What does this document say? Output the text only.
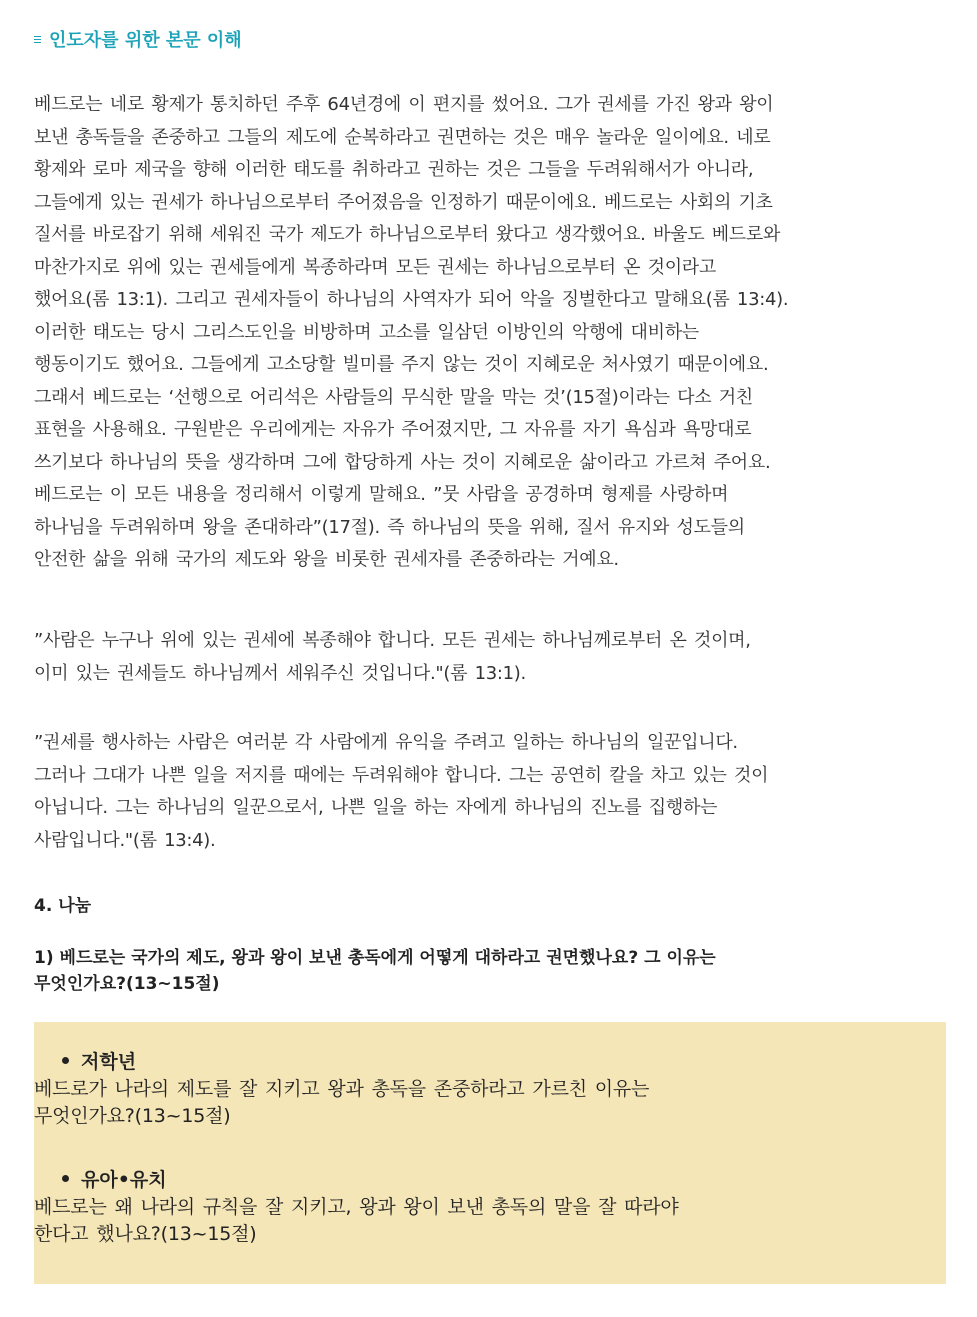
인도자를 위한 본문 이해

베드로는 네로 황제가 통치하던 주후 64년경에 이 편지를 썼어요. 그가 권세를 가진 왕과 왕이
보낸 총독들을 존중하고 그들의 제도에 순복하라고 권면하는 것은 매우 놀라운 일이에요. 네로
황제와 로마 제국을 향해 이러한 태도를 취하라고 권하는 것은 그들을 두려워해서가 아니라,
그들에게 있는 권세가 하나님으로부터 주어졌음을 인정하기 때문이에요. 베드로는 사회의 기초
질서를 바로잡기 위해 세워진 국가 제도가 하나님으로부터 왔다고 생각했어요. 바울도 베드로와
마찬가지로 위에 있는 권세들에게 복종하라며 모든 권세는 하나님으로부터 온 것이라고
했어요(롬 13:1). 그리고 권세자들이 하나님의 사역자가 되어 악을 징벌한다고 말해요(롬 13:4).
이러한 태도는 당시 그리스도인을 비방하며 고소를 일삼던 이방인의 악행에 대비하는
행동이기도 했어요. 그들에게 고소당할 빌미를 주지 않는 것이 지혜로운 처사였기 때문이에요.
그래서 베드로는 ‘선행으로 어리석은 사람들의 무식한 말을 막는 것’(15절)이라는 다소 거친
표현을 사용해요. 구원받은 우리에게는 자유가 주어졌지만, 그 자유를 자기 욕심과 욕망대로
쓰기보다 하나님의 뜻을 생각하며 그에 합당하게 사는 것이 지혜로운 삶이라고 가르쳐 주어요.
베드로는 이 모든 내용을 정리해서 이렇게 말해요. ”뭇 사람을 공경하며 형제를 사랑하며
하나님을 두려워하며 왕을 존대하라”(17절). 즉 하나님의 뜻을 위해, 질서 유지와 성도들의
안전한 삶을 위해 국가의 제도와 왕을 비롯한 권세자를 존중하라는 거예요.

”사람은 누구나 위에 있는 권세에 복종해야 합니다. 모든 권세는 하나님께로부터 온 것이며,
이미 있는 권세들도 하나님께서 세워주신 것입니다."(롬 13:1).

”권세를 행사하는 사람은 여러분 각 사람에게 유익을 주려고 일하는 하나님의 일꾼입니다.
그러나 그대가 나쁜 일을 저지를 때에는 두려워해야 합니다. 그는 공연히 칼을 차고 있는 것이
아닙니다. 그는 하나님의 일꾼으로서, 나쁜 일을 하는 자에게 하나님의 진노를 집행하는
사람입니다."(롬 13:4).

4. 나눔

1) 베드로는 국가의 제도, 왕과 왕이 보낸 총독에게 어떻게 대하라고 권면했나요? 그 이유는
무엇인가요?(13~15절)

저학년
베드로가 나라의 제도를 잘 지키고 왕과 총독을 존중하라고 가르친 이유는
무엇인가요?(13~15절)
유아•유치
베드로는 왜 나라의 규칙을 잘 지키고, 왕과 왕이 보낸 총독의 말을 잘 따라야
한다고 했나요?(13~15절)
